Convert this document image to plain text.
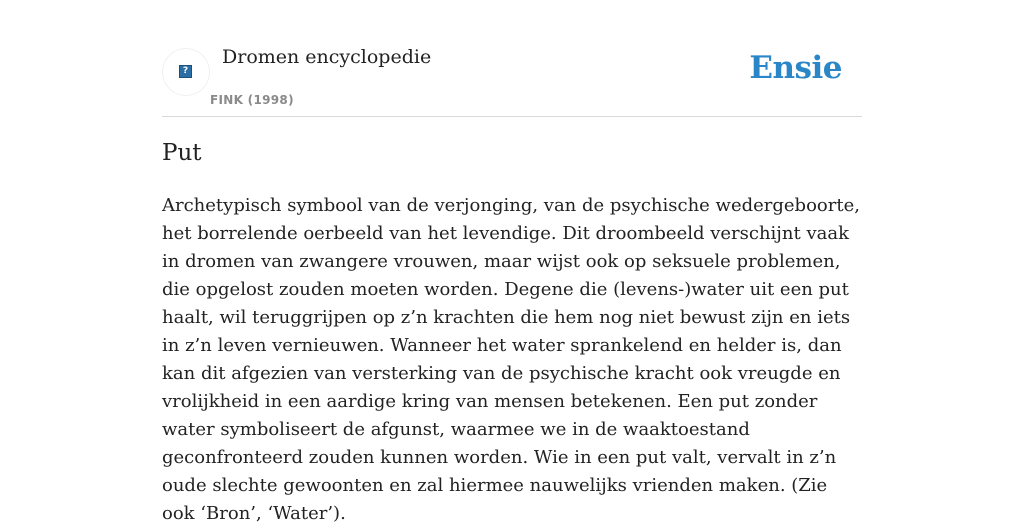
?
Dromen encyclopedie
FINK (1998)
Ensie
Put

Archetypisch symbool van de verjonging, van de psychische wedergeboorte, het borrelende oerbeeld van het levendige. Dit droombeeld verschijnt vaak in dromen van zwangere vrouwen, maar wijst ook op seksuele problemen, die opgelost zouden moeten worden. Degene die (levens-)water uit een put haalt, wil teruggrijpen op z’n krachten die hem nog niet bewust zijn en iets in z’n leven vernieuwen. Wanneer het water sprankelend en helder is, dan kan dit afgezien van versterking van de psychische kracht ook vreugde en vrolijkheid in een aardige kring van mensen betekenen. Een put zonder water symboliseert de afgunst, waarmee we in de waaktoestand geconfronteerd zouden kunnen worden. Wie in een put valt, vervalt in z’n oude slechte gewoonten en zal hiermee nauwelijks vrienden maken. (Zie ook ‘Bron’, ‘Water’).
